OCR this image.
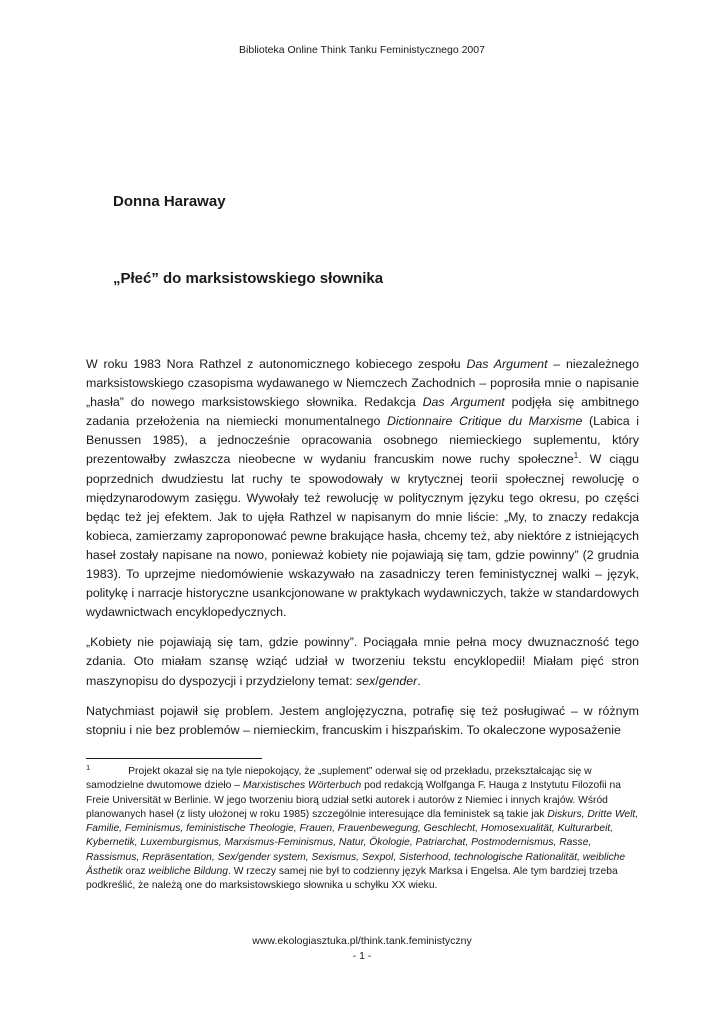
Biblioteka Online Think Tanku Feministycznego 2007
Donna Haraway
„Płeć” do marksistowskiego słownika

W roku 1983 Nora Rathzel z autonomicznego kobiecego zespołu Das Argument – niezależnego marksistowskiego czasopisma wydawanego w Niemczech Zachodnich – poprosiła mnie o napisanie „hasła” do nowego marksistowskiego słownika. Redakcja Das Argument podjęła się ambitnego zadania przełożenia na niemiecki monumentalnego Dictionnaire Critique du Marxisme (Labica i Benussen 1985), a jednocześnie opracowania osobnego niemieckiego suplementu, który prezentowałby zwłaszcza nieobecne w wydaniu francuskim nowe ruchy społeczne$^1$. W ciągu poprzednich dwudziestu lat ruchy te spowodowały w krytycznej teorii społecznej rewolucję o międzynarodowym zasięgu. Wywołały też rewolucję w politycznym języku tego okresu, po części będąc też jej efektem. Jak to ujęła Rathzel w napisanym do mnie liście: „My, to znaczy redakcja kobieca, zamierzamy zaproponować pewne brakujące hasła, chcemy też, aby niektóre z istniejących haseł zostały napisane na nowo, ponieważ kobiety nie pojawiają się tam, gdzie powinny” (2 grudnia 1983). To uprzejme niedomówienie wskazywało na zasadniczy teren feministycznej walki – język, politykę i narracje historyczne usankcjonowane w praktykach wydawniczych, także w standardowych wydawnictwach encyklopedycznych.

„Kobiety nie pojawiają się tam, gdzie powinny”. Pociągała mnie pełna mocy dwuznaczność tego zdania. Oto miałam szansę wziąć udział w tworzeniu tekstu encyklopedii! Miałam pięć stron maszynopisu do dyspozycji i przydzielony temat: sex/gender.

Natychmiast pojawił się problem. Jestem anglojęzyczna, potrafię się też posługiwać – w różnym stopniu i nie bez problemów – niemieckim, francuskim i hiszpańskim. To okaleczone wyposażenie

$^1$	Projekt okazał się na tyle niepokojący, że „suplement” oderwał się od przekładu, przekształcając się w samodzielne dwutomowe dzieło – Marxistisches Wörterbuch pod redakcją Wolfganga F. Hauga z Instytutu Filozofii na Freie Universität w Berlinie. W jego tworzeniu biorą udział setki autorek i autorów z Niemiec i innych krajów. Wśród planowanych haseł (z listy ułożonej w roku 1985) szczególnie interesujące dla feministek są takie jak Diskurs, Dritte Welt, Familie, Feminismus, feministische Theologie, Frauen, Frauenbewegung, Geschlecht, Homosexualität, Kulturarbeit, Kybernetik, Luxemburgismus, Marxismus-Feminismus, Natur, Ökologie, Patriarchat, Postmodernismus, Rasse, Rassismus, Repräsentation, Sex/gender system, Sexismus, Sexpol, Sisterhood, technologische Rationalität, weibliche Ästhetik oraz weibliche Bildung. W rzeczy samej nie był to codzienny język Marksa i Engelsa. Ale tym bardziej trzeba podkreślić, że należą one do marksistowskiego słownika u schyłku XX wieku.
www.ekologiasztuka.pl/think.tank.feministyczny
- 1 -
